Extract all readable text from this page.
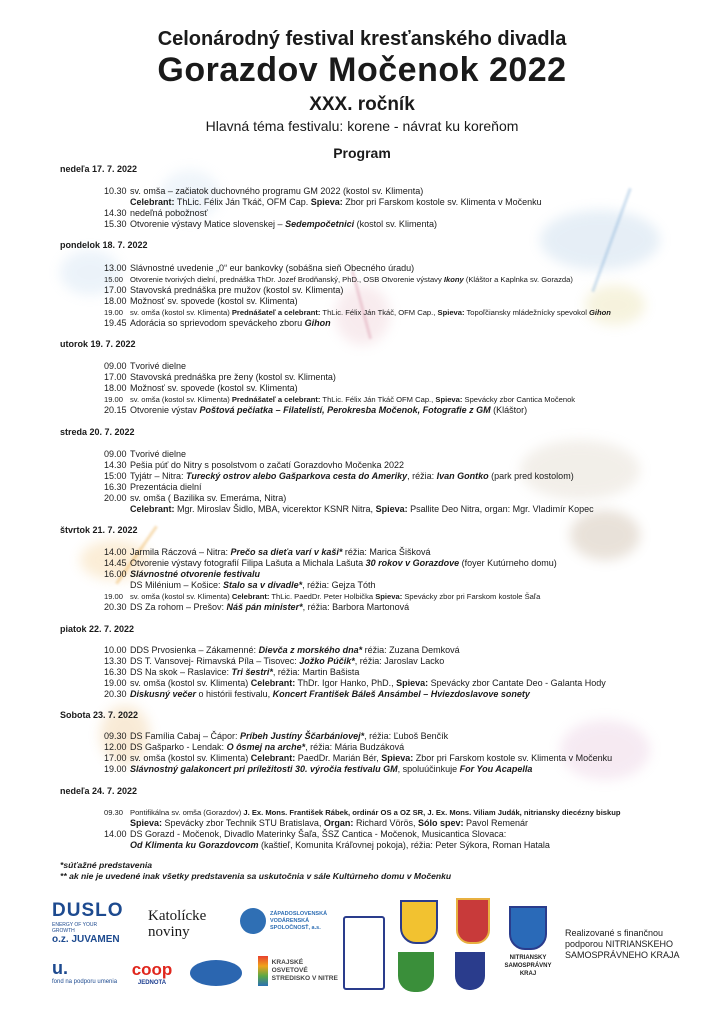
Celonárodný festival kresťanského divadla
Gorazdov Močenok 2022
XXX. ročník
Hlavná téma festivalu: korene - návrat ku koreňom
Program
nedeľa 17. 7. 2022
10.30 sv. omša – začiatok duchovného programu GM 2022 (kostol sv. Klimenta)
Celebrant: ThLic. Félix Ján Tkáč, OFM Cap. Spieva: Zbor pri Farskom kostole sv. Klimenta v Močenku
14.30 nedeľná pobožnosť
15.30 Otvorenie výstavy Matice slovenskej – Sedempočetnici (kostol sv. Klimenta)
pondelok 18. 7. 2022
13.00 Slávnostné uvedenie „0“ eur bankovky (sobášna sieň Obecného úradu)
15.00 Otvorenie tvorivých dielní, prednáška ThDr. Jozef Brodňanský, PhD., OSB Otvorenie výstavy Ikony (Kláštor a Kaplnka sv. Gorazda)
17.00 Stavovská prednáška pre mužov (kostol sv. Klimenta)
18.00 Možnosť sv. spovede (kostol sv. Klimenta)
19.00 sv. omša (kostol sv. Klimenta) Prednášateľ a celebrant: ThLic. Félix Ján Tkáč, OFM Cap., Spieva: Topoľčiansky mládežnícky spevokol Gihon
19.45 Adorácia so sprievodom speváckeho zboru Gihon
utorok 19. 7. 2022
09.00 Tvorivé dielne
17.00 Stavovská prednáška pre ženy (kostol sv. Klimenta)
18.00 Možnosť sv. spovede (kostol sv. Klimenta)
19.00 sv. omša (kostol sv. Klimenta) Prednášateľ a celebrant: ThLic. Félix Ján Tkáč OFM Cap., Spieva: Spevácky zbor Cantica Močenok
20.15 Otvorenie výstav Poštová pečiatka – Filatelistí, Perokresba Močenok, Fotografie z GM (Kláštor)
streda 20. 7. 2022
09.00 Tvorivé dielne
14.30 Pešia púť do Nitry s posolstvom o začatí Gorazdovho Močenka 2022
15:00 Tyjátr – Nitra: Turecký ostrov alebo Gašparkova cesta do Ameriky, réžia: Ivan Gontko (park pred kostolom)
16.30 Prezentácia dielní
20.00 sv. omša ( Bazilika sv. Emeráma, Nitra)
Celebrant: Mgr. Miroslav Šidlo, MBA, vicerektor KSNR Nitra, Spieva: Psallite Deo Nitra, organ: Mgr. Vladimír Kopec
štvrtok 21. 7. 2022
14.00 Jarmila Ráczová – Nitra: Prečo sa dieťa varí v kaši* réžia: Marica Šišková
14.45 Otvorenie výstavy fotografií Filipa Lašuta a Michala Lašuta 30 rokov v Gorazdove (foyer Kutúrneho domu)
16.00 Slávnostné otvorenie festivalu
DS Milénium – Košice: Stalo sa v divadle*, réžia: Gejza Tóth
19.00 sv. omša (kostol sv. Klimenta) Celebrant: ThLic. PaedDr. Peter Holbička Spieva: Spevácky zbor pri Farskom kostole Šaľa
20.30 DS Za rohom – Prešov: Náš pán minister*, réžia: Barbora Martonová
piatok 22. 7. 2022
10.00 DDS Prvosienka – Zákamenné: Dievča z morského dna* réžia: Zuzana Demková
13.30 DS T. Vansovej- Rimavská Píla – Tisovec: Jožko Púčik*, réžia: Jaroslav Lacko
16.30 DS Na skok – Raslavice: Tri šestri*, réžia: Martin Bašista
19.00 sv. omša (kostol sv. Klimenta) Celebrant: ThDr. Igor Hanko, PhD., Spieva: Spevácky zbor Cantate Deo - Galanta Hody
20.30 Diskusný večer o histórii festivalu, Koncert František Báleš Ansámbel – Hviezdoslavove sonety
Sobota 23. 7. 2022
09.30 DS Família Cabaj – Čápor: Príbeh Justíny Ščarbániovej*, réžia: Ľuboš Benčík
12.00 DS Gašparko - Lendak: O ôsmej na arche*, réžia: Mária Budzáková
17.00 sv. omša (kostol sv. Klimenta) Celebrant: PaedDr. Marián Bér, Spieva: Zbor pri Farskom kostole sv. Klimenta v Močenku
19.00 Slávnostný galakoncert pri príležitosti 30. výročia festivalu GM, spoluúčinkuje For You Acapella
nedeľa 24. 7. 2022
09.30 Pontifikálna sv. omša (Gorazdov) J. Ex. Mons. František Rábek, ordinár OS a OZ SR, J. Ex. Mons. Viliam Judák, nitriansky diecézny biskup
Spieva: Spevácky zbor Technik STU Bratislava, Organ: Richard Vörös, Sólo spev: Pavol Remenár
14.00 DS Gorazd - Močenok, Divadlo Materinky Šaľa, ŠSZ Cantica - Močenok, Musicantica Slovaca:
Od Klimenta ku Gorazdovcom (kaštieľ, Komunita Kráľovnej pokoja), réžia: Peter Sýkora, Roman Hatala
*súťažné predstavenia
** ak nie je uvedené inak všetky predstavenia sa uskutočnia v sále Kultúrneho domu v Močenku
DUSLO
ENERGY OF YOUR GROWTH
o.z. JUVAMEN
Katolícke noviny
ZÁPADOSLOVENSKÁ VODÁRENSKÁ SPOLOČNOSŤ, a.s.
u.
fond na podporu umenia
coop
JEDNOTA
KRAJSKÉ OSVETOVÉ STREDISKO V NITRE
NITRIANSKY SAMOSPRÁVNY KRAJ
Realizované s finančnou podporou NITRIANSKEHO SAMOSPRÁVNEHO KRAJA
